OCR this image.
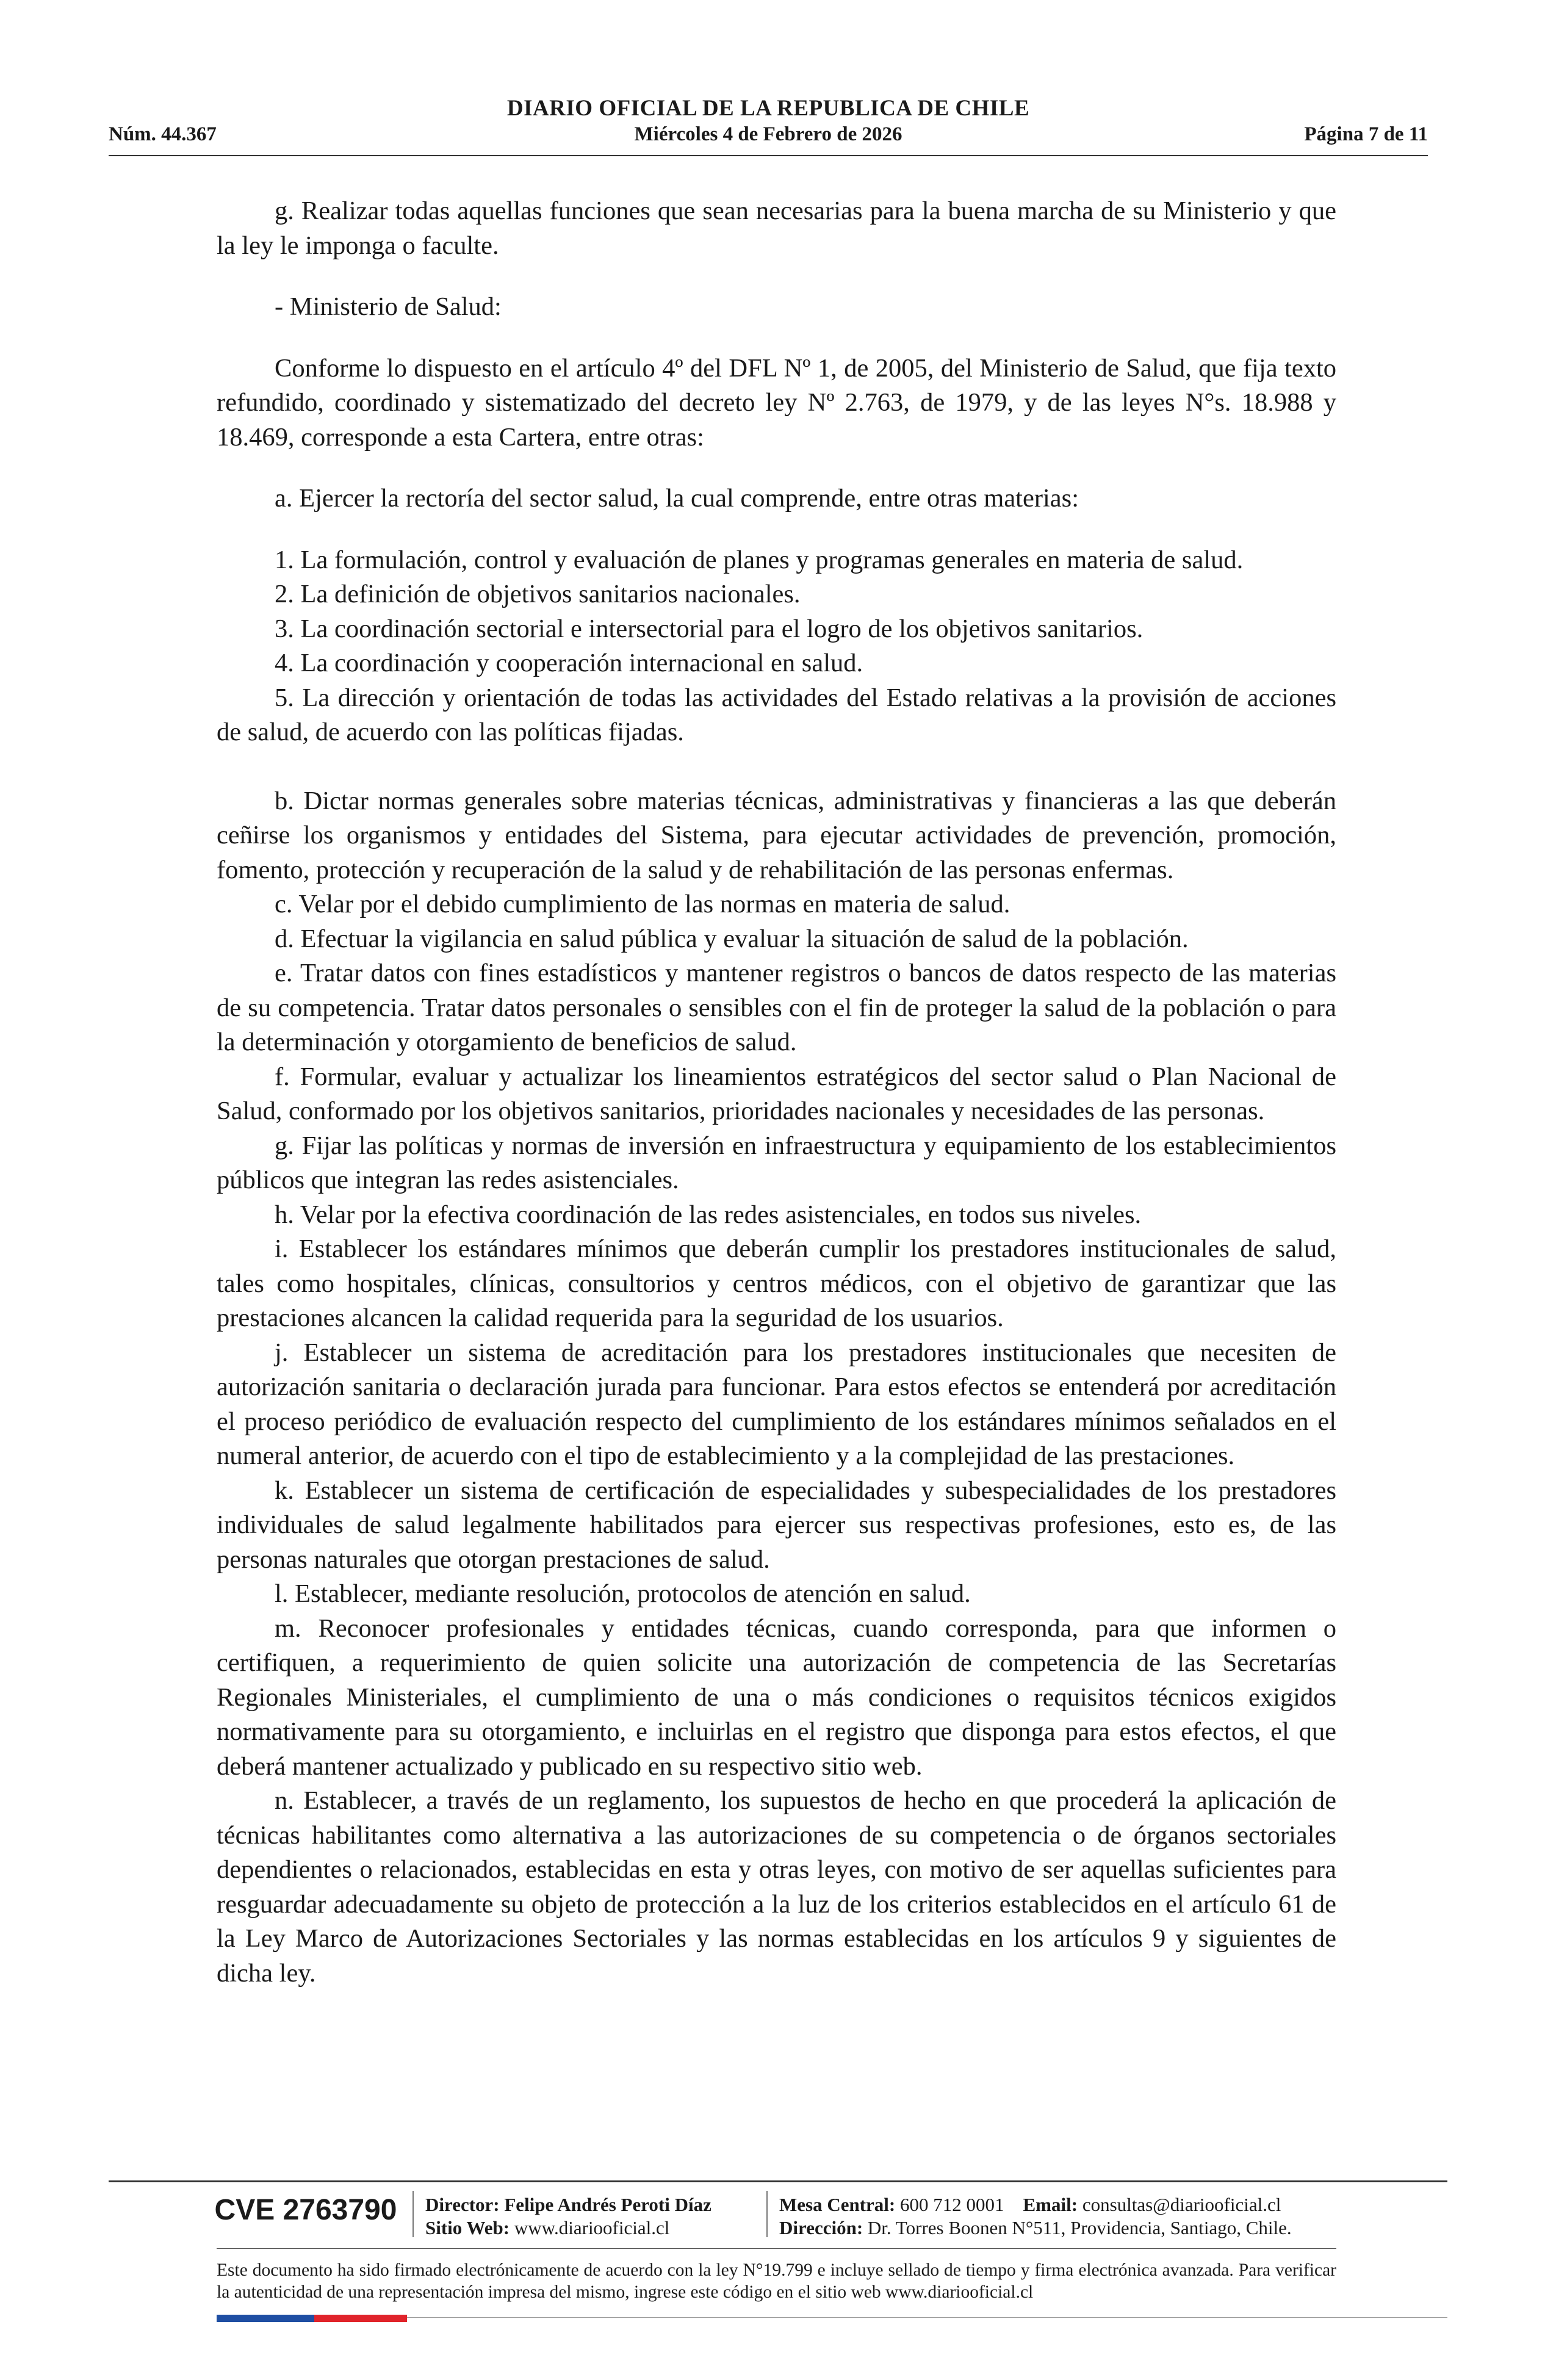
DIARIO OFICIAL DE LA REPUBLICA DE CHILE
Núm. 44.367	Miércoles 4 de Febrero de 2026	Página 7 de 11

g. Realizar todas aquellas funciones que sean necesarias para la buena marcha de su Ministerio y que la ley le imponga o faculte.

- Ministerio de Salud:

Conforme lo dispuesto en el artículo 4º del DFL Nº 1, de 2005, del Ministerio de Salud, que fija texto refundido, coordinado y sistematizado del decreto ley Nº 2.763, de 1979, y de las leyes N°s. 18.988 y 18.469, corresponde a esta Cartera, entre otras:

a. Ejercer la rectoría del sector salud, la cual comprende, entre otras materias:

1. La formulación, control y evaluación de planes y programas generales en materia de salud.

2. La definición de objetivos sanitarios nacionales.

3. La coordinación sectorial e intersectorial para el logro de los objetivos sanitarios.

4. La coordinación y cooperación internacional en salud.

5. La dirección y orientación de todas las actividades del Estado relativas a la provisión de acciones de salud, de acuerdo con las políticas fijadas.

b. Dictar normas generales sobre materias técnicas, administrativas y financieras a las que deberán ceñirse los organismos y entidades del Sistema, para ejecutar actividades de prevención, promoción, fomento, protección y recuperación de la salud y de rehabilitación de las personas enfermas.

c. Velar por el debido cumplimiento de las normas en materia de salud.

d. Efectuar la vigilancia en salud pública y evaluar la situación de salud de la población.

e. Tratar datos con fines estadísticos y mantener registros o bancos de datos respecto de las materias de su competencia. Tratar datos personales o sensibles con el fin de proteger la salud de la población o para la determinación y otorgamiento de beneficios de salud.

f. Formular, evaluar y actualizar los lineamientos estratégicos del sector salud o Plan Nacional de Salud, conformado por los objetivos sanitarios, prioridades nacionales y necesidades de las personas.

g. Fijar las políticas y normas de inversión en infraestructura y equipamiento de los establecimientos públicos que integran las redes asistenciales.

h. Velar por la efectiva coordinación de las redes asistenciales, en todos sus niveles.

i. Establecer los estándares mínimos que deberán cumplir los prestadores institucionales de salud, tales como hospitales, clínicas, consultorios y centros médicos, con el objetivo de garantizar que las prestaciones alcancen la calidad requerida para la seguridad de los usuarios.

j. Establecer un sistema de acreditación para los prestadores institucionales que necesiten de autorización sanitaria o declaración jurada para funcionar. Para estos efectos se entenderá por acreditación el proceso periódico de evaluación respecto del cumplimiento de los estándares mínimos señalados en el numeral anterior, de acuerdo con el tipo de establecimiento y a la complejidad de las prestaciones.

k. Establecer un sistema de certificación de especialidades y subespecialidades de los prestadores individuales de salud legalmente habilitados para ejercer sus respectivas profesiones, esto es, de las personas naturales que otorgan prestaciones de salud.

l. Establecer, mediante resolución, protocolos de atención en salud.

m. Reconocer profesionales y entidades técnicas, cuando corresponda, para que informen o certifiquen, a requerimiento de quien solicite una autorización de competencia de las Secretarías Regionales Ministeriales, el cumplimiento de una o más condiciones o requisitos técnicos exigidos normativamente para su otorgamiento, e incluirlas en el registro que disponga para estos efectos, el que deberá mantener actualizado y publicado en su respectivo sitio web.

n. Establecer, a través de un reglamento, los supuestos de hecho en que procederá la aplicación de técnicas habilitantes como alternativa a las autorizaciones de su competencia o de órganos sectoriales dependientes o relacionados, establecidas en esta y otras leyes, con motivo de ser aquellas suficientes para resguardar adecuadamente su objeto de protección a la luz de los criterios establecidos en el artículo 61 de la Ley Marco de Autorizaciones Sectoriales y las normas establecidas en los artículos 9 y siguientes de dicha ley.

CVE 2763790	Director: Felipe Andrés Peroti Díaz
Sitio Web: www.diariooficial.cl
Mesa Central: 600 712 0001 Email: consultas@diariooficial.cl
Dirección: Dr. Torres Boonen N°511, Providencia, Santiago, Chile.
Este documento ha sido firmado electrónicamente de acuerdo con la ley N°19.799 e incluye sellado de tiempo y firma electrónica avanzada. Para verificar la autenticidad de una representación impresa del mismo, ingrese este código en el sitio web www.diariooficial.cl
